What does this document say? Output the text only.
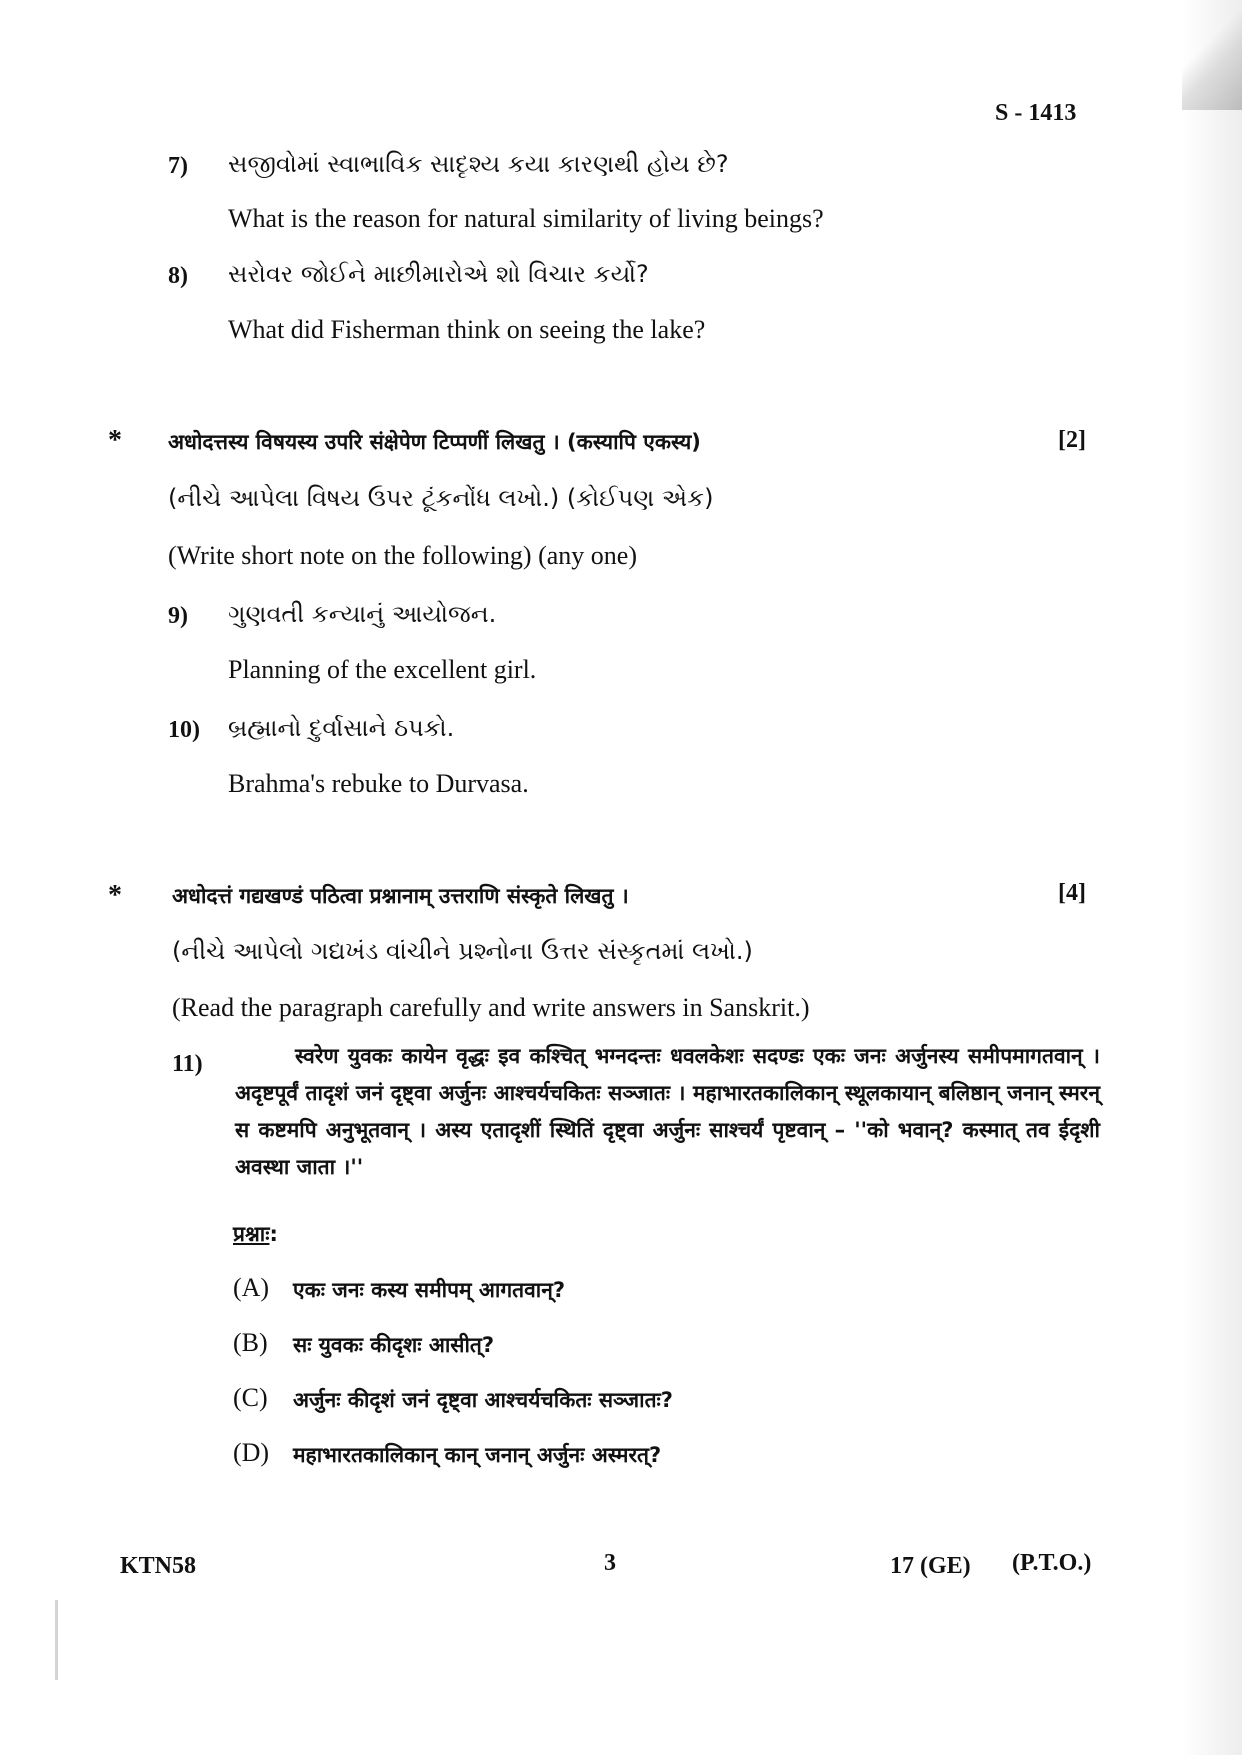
S - 1413
7) સજીવોમાં સ્વાભાવિક સાદૃશ્ય કયા કારણથી હોય છે?
What is the reason for natural similarity of living beings?
8) સરોવર જોઈને માછીમારોએ શો વિચાર કર્યો?
What did Fisherman think on seeing the lake?
* अधोदत्तस्य विषयस्य उपरि संक्षेपेण टिप्पणीं लिखतु । (कस्यापि एकस्य)	[2]
(નીચે આપેલા વિષય ઉપર ટૂંકનોંધ લખો.) (કોઈપણ એક)
(Write short note on the following) (any one)
9) ગુણવતી કન્યાનું આયોજન.
Planning of the excellent girl.
10) બ્રહ્માનો દુર્વાસાને ઠપકો.
Brahma's rebuke to Durvasa.
* अधोदत्तं गद्यखण्डं पठित्वा प्रश्नानाम् उत्तराणि संस्कृते लिखतु ।	[4]
(નીચે આપેલો ગદ્યખંડ વાંચીને પ્રશ્નોના ઉત્તર સંસ્કૃતમાં લખો.)
(Read the paragraph carefully and write answers in Sanskrit.)
11)	स्वरेण युवकः कायेन वृद्धः इव कश्चित् भग्नदन्तः धवलकेशः सदण्डः एकः जनः अर्जुनस्य समीपमागतवान् । अदृष्टपूर्वं तादृशं जनं दृष्ट्वा अर्जुनः आश्चर्यचकितः सञ्जातः । महाभारतकालिकान् स्थूलकायान् बलिष्ठान् जनान् स्मरन् स कष्टमपि अनुभूतवान् । अस्य एतादृशीं स्थितिं दृष्ट्वा अर्जुनः साश्चर्यं पृष्टवान् – ''को भवान्? कस्मात् तव ईदृशी अवस्था जाता ।''
प्रश्नाः:
(A) एकः जनः कस्य समीपम् आगतवान्?
(B) सः युवकः कीदृशः आसीत्?
(C) अर्जुनः कीदृशं जनं दृष्ट्वा आश्चर्यचकितः सञ्जातः?
(D) महाभारतकालिकान् कान् जनान् अर्जुनः अस्मरत्?
KTN58	3	17 (GE) (P.T.O.)
